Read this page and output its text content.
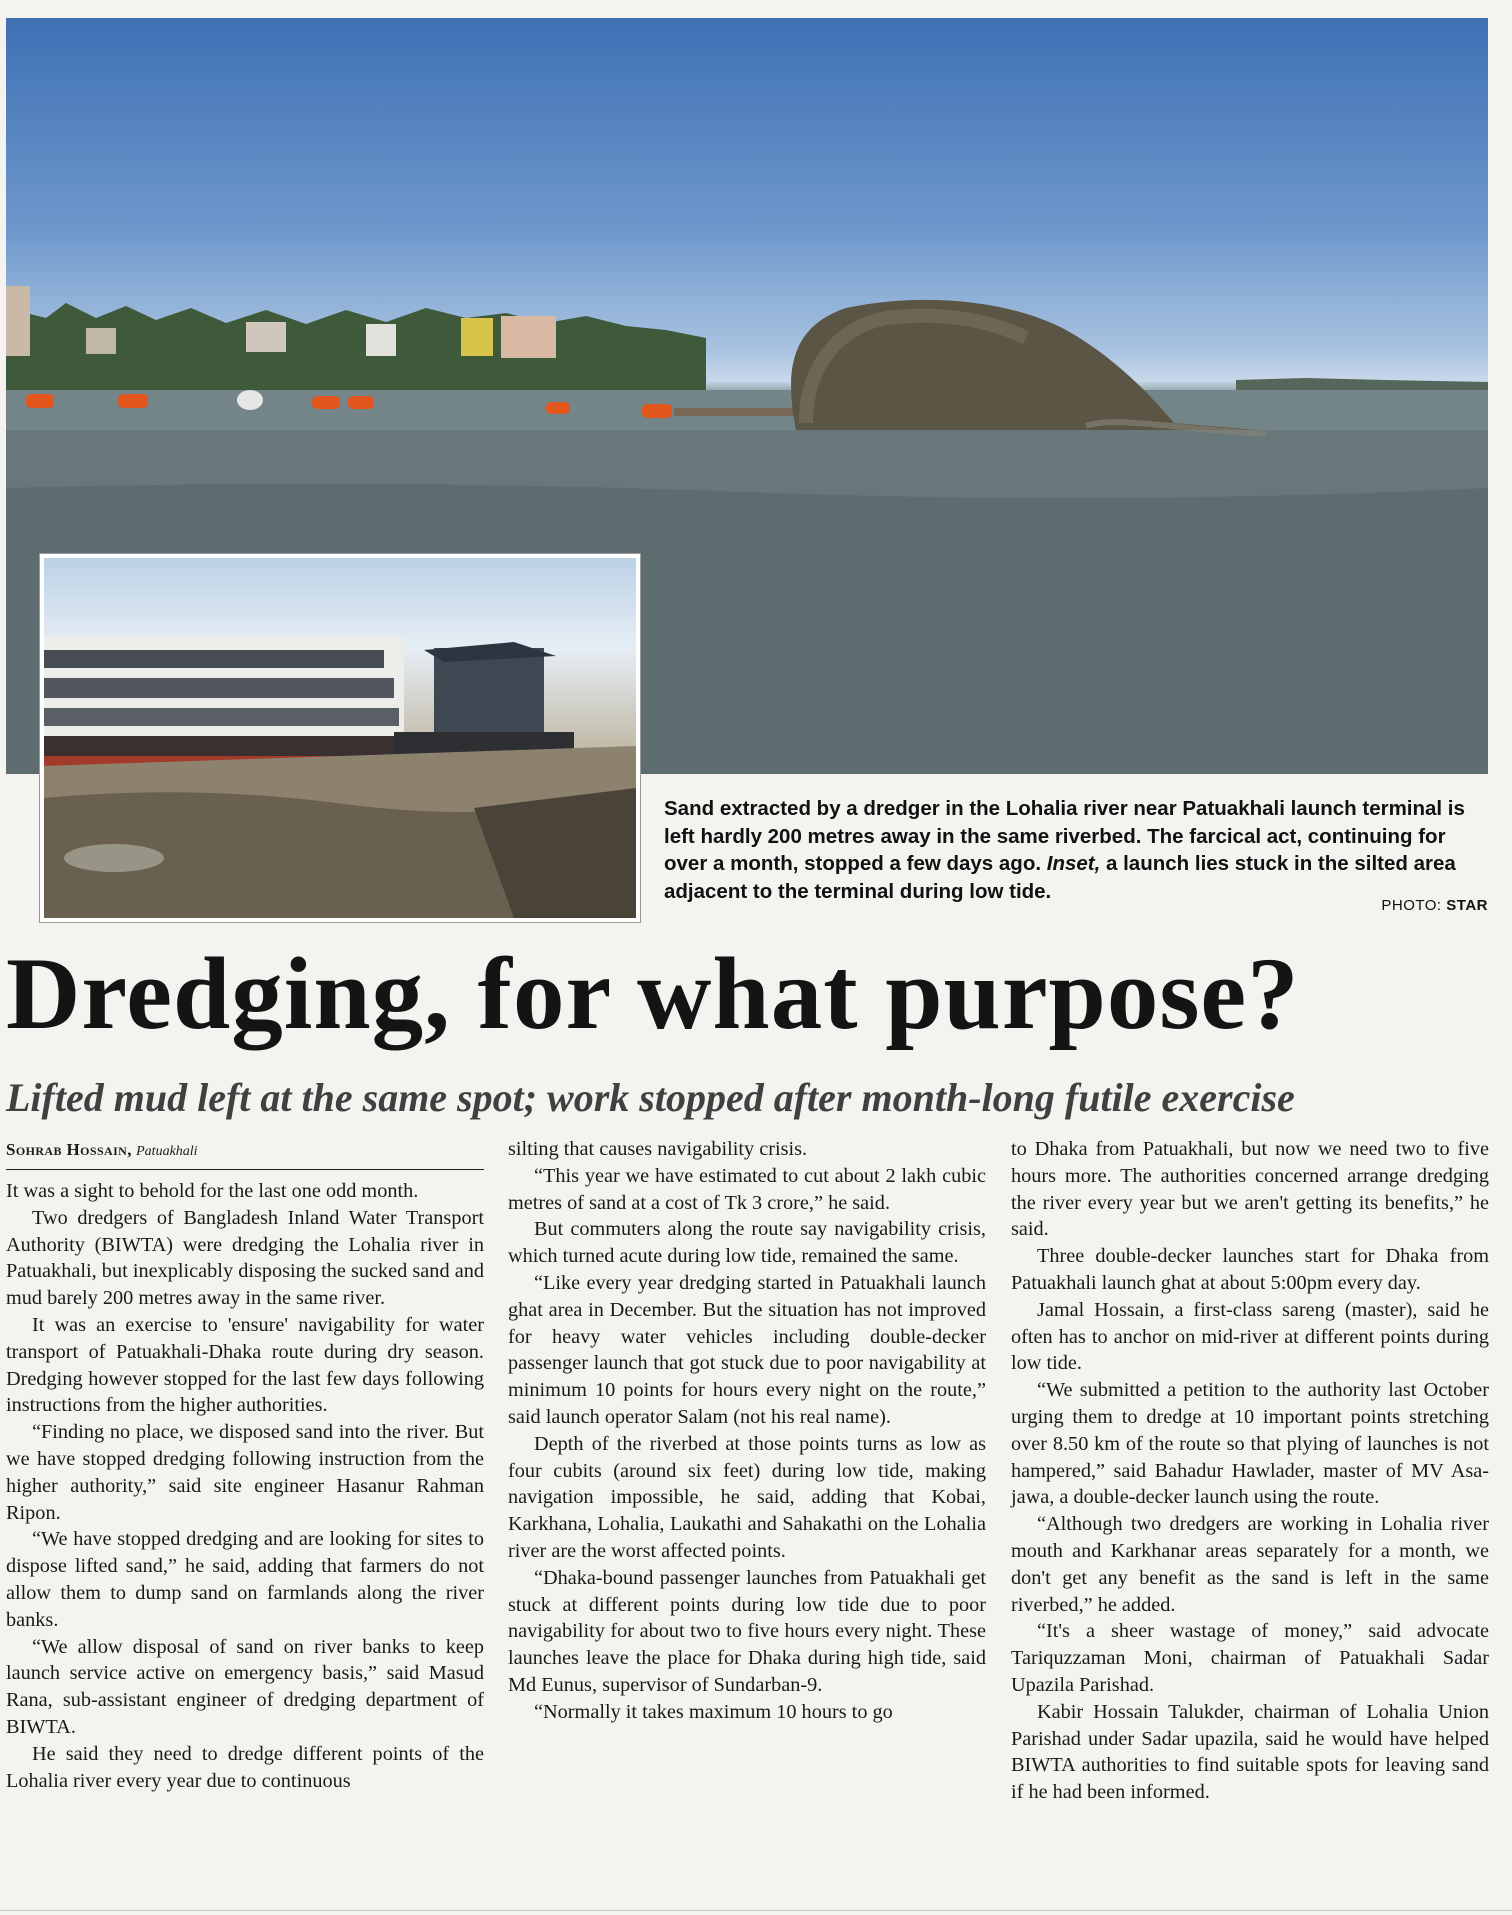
Sand extracted by a dredger in the Lohalia river near Patuakhali launch terminal is left hardly 200 metres away in the same riverbed. The farcical act, continuing for over a month, stopped a few days ago. Inset, a launch lies stuck in the silted area adjacent to the terminal during low tide.
PHOTO: STAR
Dredging, for what purpose?
Lifted mud left at the same spot; work stopped after month-long futile exercise
Sohrab Hossain, Patuakhali

It was a sight to behold for the last one odd month.

Two dredgers of Bangladesh Inland Water Transport Authority (BIWTA) were dredging the Lohalia river in Patuakhali, but inexplicably disposing the sucked sand and mud barely 200 metres away in the same river.

It was an exercise to 'ensure' navigability for water transport of Patuakhali-Dhaka route during dry season. Dredging however stopped for the last few days following instructions from the higher authorities.

“Finding no place, we disposed sand into the river. But we have stopped dredging following instruction from the higher authority,” said site engineer Hasanur Rahman Ripon.

“We have stopped dredging and are looking for sites to dispose lifted sand,” he said, adding that farmers do not allow them to dump sand on farmlands along the river banks.

“We allow disposal of sand on river banks to keep launch service active on emergency basis,” said Masud Rana, sub-assistant engineer of dredging department of BIWTA.

He said they need to dredge different points of the Lohalia river every year due to continuous

silting that causes navigability crisis.

“This year we have estimated to cut about 2 lakh cubic metres of sand at a cost of Tk 3 crore,” he said.

But commuters along the route say navigability crisis, which turned acute during low tide, remained the same.

“Like every year dredging started in Patuakhali launch ghat area in December. But the situation has not improved for heavy water vehicles including double-decker passenger launch that got stuck due to poor navigability at minimum 10 points for hours every night on the route,” said launch operator Salam (not his real name).

Depth of the riverbed at those points turns as low as four cubits (around six feet) during low tide, making navigation impossible, he said, adding that Kobai, Karkhana, Lohalia, Laukathi and Sahakathi on the Lohalia river are the worst affected points.

“Dhaka-bound passenger launches from Patuakhali get stuck at different points during low tide due to poor navigability for about two to five hours every night. These launches leave the place for Dhaka during high tide, said Md Eunus, supervisor of Sundarban-9.

“Normally it takes maximum 10 hours to go

to Dhaka from Patuakhali, but now we need two to five hours more. The authorities concerned arrange dredging the river every year but we aren't getting its benefits,” he said.

Three double-decker launches start for Dhaka from Patuakhali launch ghat at about 5:00pm every day.

Jamal Hossain, a first-class sareng (master), said he often has to anchor on mid-river at different points during low tide.

“We submitted a petition to the authority last October urging them to dredge at 10 important points stretching over 8.50 km of the route so that plying of launches is not hampered,” said Bahadur Hawlader, master of MV Asa-jawa, a double-decker launch using the route.

“Although two dredgers are working in Lohalia river mouth and Karkhanar areas separately for a month, we don't get any benefit as the sand is left in the same riverbed,” he added.

“It's a sheer wastage of money,” said advocate Tariquzzaman Moni, chairman of Patuakhali Sadar Upazila Parishad.

Kabir Hossain Talukder, chairman of Lohalia Union Parishad under Sadar upazila, said he would have helped BIWTA authorities to find suitable spots for leaving sand if he had been informed.
